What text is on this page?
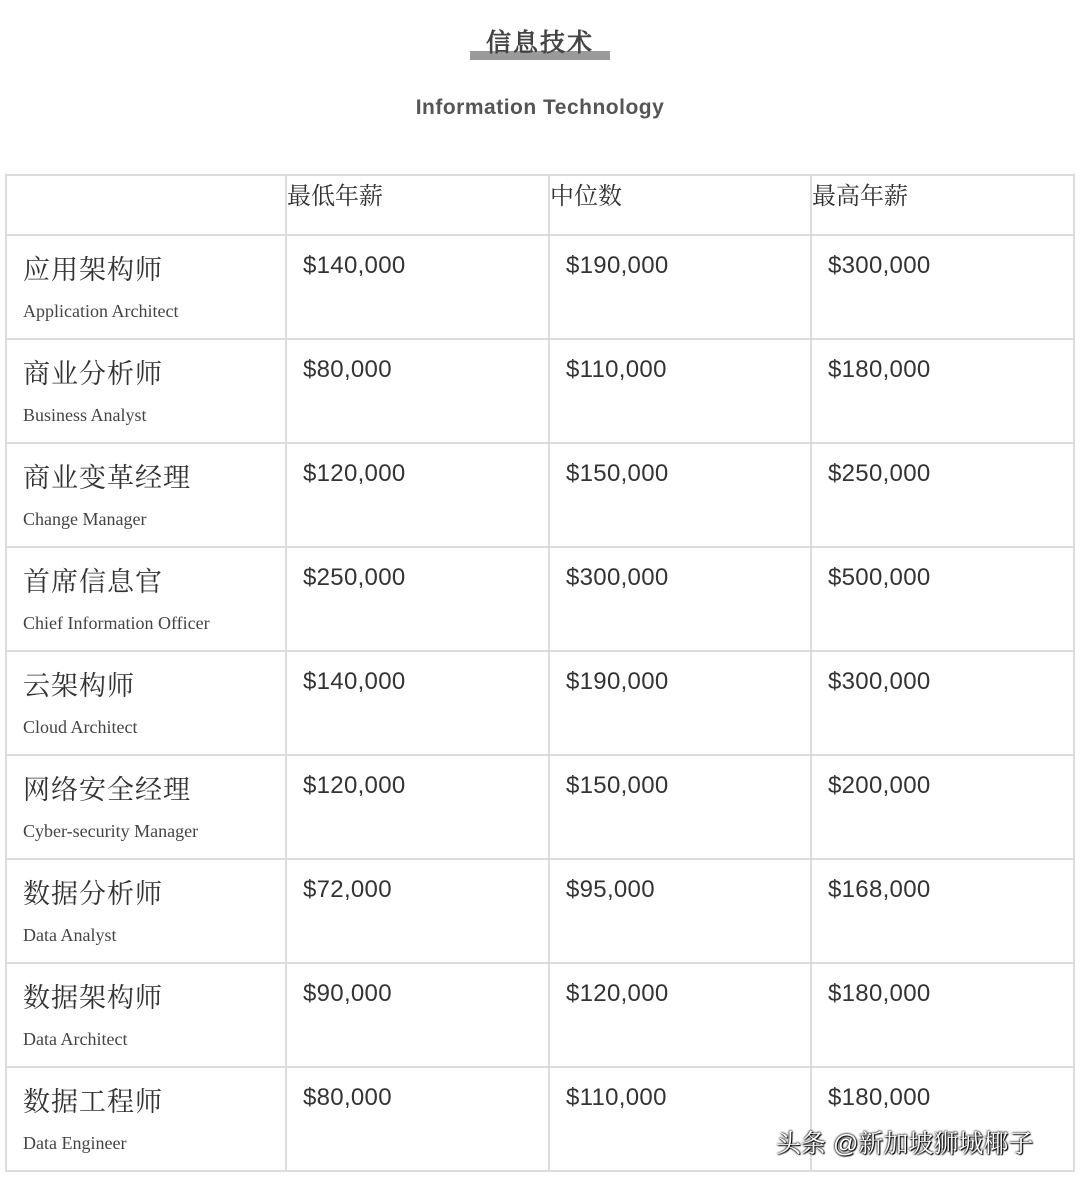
信息技术
Information Technology
	最低年薪	中位数	最高年薪

应用架构师
Application Architect	$140,000	$190,000	$300,000

商业分析师
Business Analyst	$80,000	$110,000	$180,000

商业变革经理
Change Manager	$120,000	$150,000	$250,000

首席信息官
Chief Information Officer	$250,000	$300,000	$500,000

云架构师
Cloud Architect	$140,000	$190,000	$300,000

网络安全经理
Cyber-security Manager	$120,000	$150,000	$200,000

数据分析师
Data Analyst	$72,000	$95,000	$168,000

数据架构师
Data Architect	$90,000	$120,000	$180,000

数据工程师
Data Engineer	$80,000	$110,000	$180,000
头条 @新加坡狮城椰子
